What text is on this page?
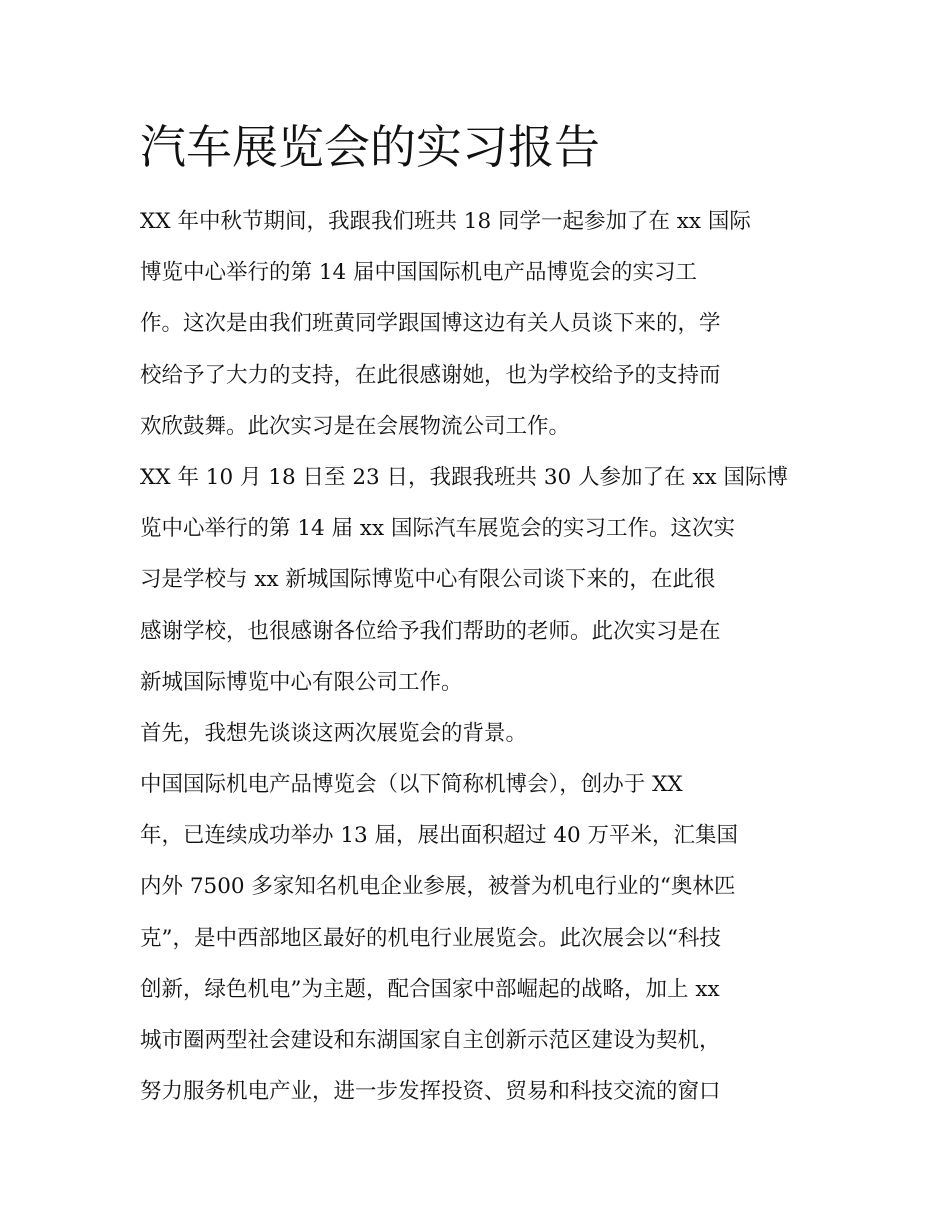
汽车展览会的实习报告
XX 年中秋节期间，我跟我们班共 18 同学一起参加了在 xx 国际
博览中心举行的第 14 届中国国际机电产品博览会的实习工
作。这次是由我们班黄同学跟国博这边有关人员谈下来的，学
校给予了大力的支持，在此很感谢她，也为学校给予的支持而
欢欣鼓舞。此次实习是在会展物流公司工作。
XX 年 10 月 18 日至 23 日，我跟我班共 30 人参加了在 xx 国际博
览中心举行的第 14 届 xx 国际汽车展览会的实习工作。这次实
习是学校与 xx 新城国际博览中心有限公司谈下来的，在此很
感谢学校，也很感谢各位给予我们帮助的老师。此次实习是在
新城国际博览中心有限公司工作。
首先，我想先谈谈这两次展览会的背景。
中国国际机电产品博览会（以下简称机博会），创办于 XX
年，已连续成功举办 13 届，展出面积超过 40 万平米，汇集国
内外 7500 多家知名机电企业参展，被誉为机电行业的“奥林匹
克”，是中西部地区最好的机电行业展览会。此次展会以“科技
创新，绿色机电”为主题，配合国家中部崛起的战略，加上 xx
城市圈两型社会建设和东湖国家自主创新示范区建设为契机，
努力服务机电产业，进一步发挥投资、贸易和科技交流的窗口
